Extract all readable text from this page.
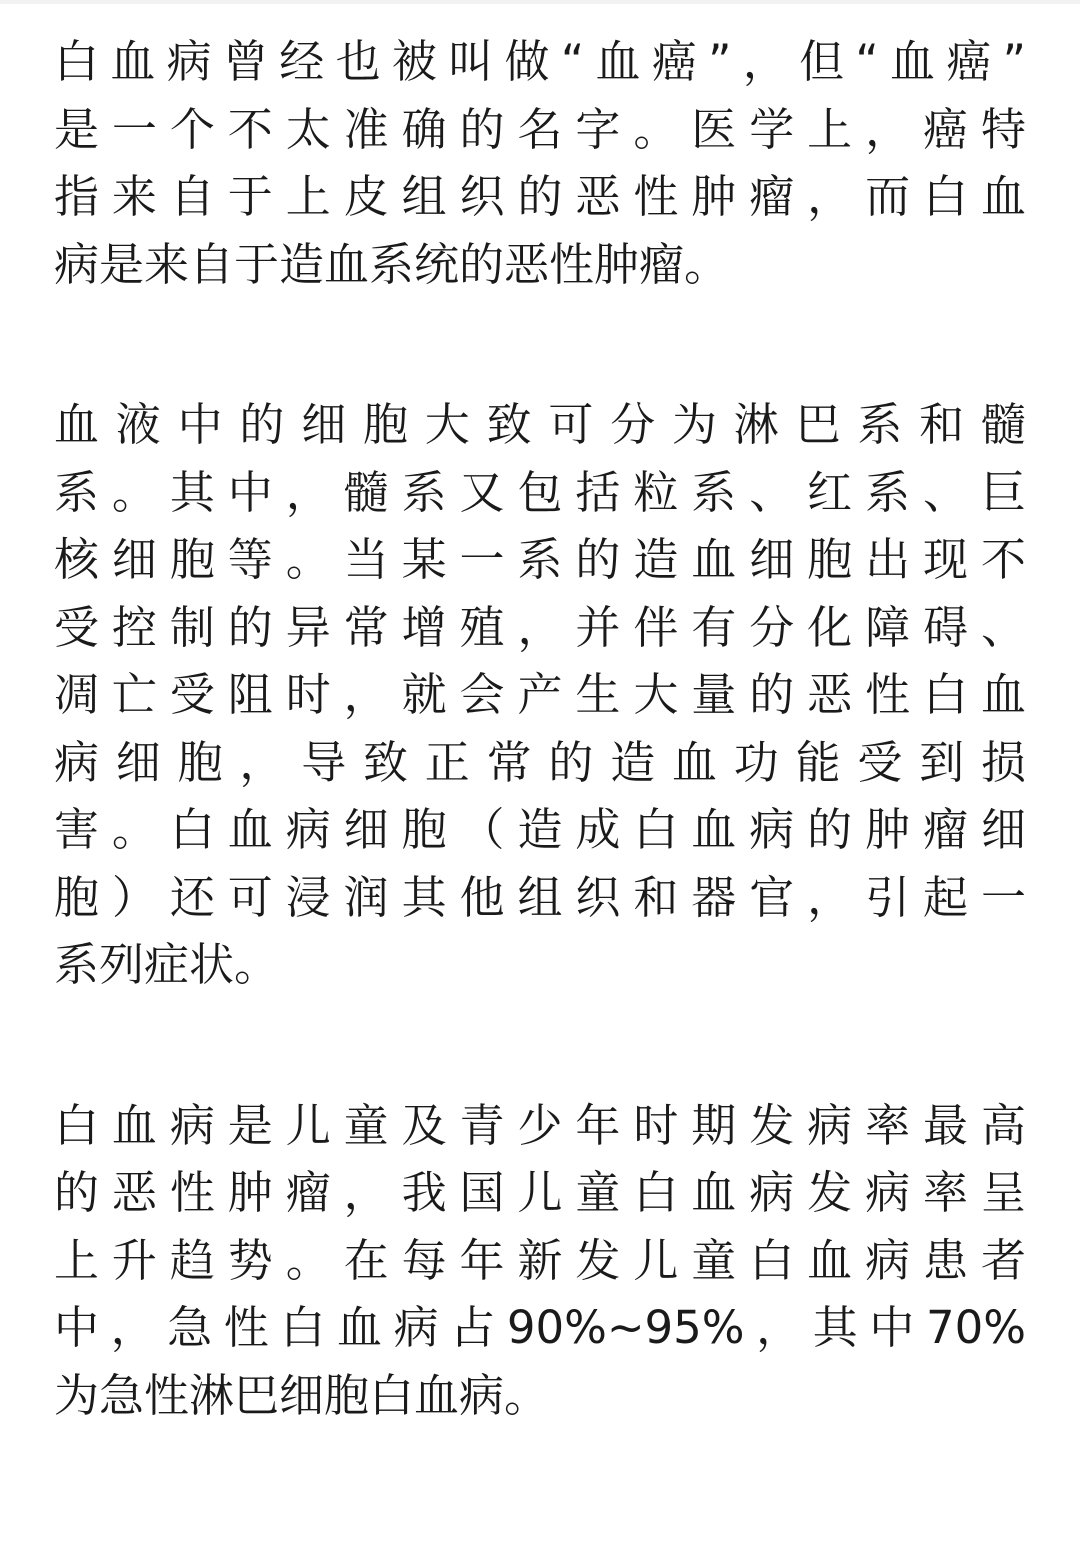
白血病曾经也被叫做“血癌”，但“血癌”
是一个不太准确的名字。医学上，癌特
指来自于上皮组织的恶性肿瘤，而白血
病是来自于造血系统的恶性肿瘤。
血液中的细胞大致可分为淋巴系和髓
系。其中，髓系又包括粒系、红系、巨
核细胞等。当某一系的造血细胞出现不
受控制的异常增殖，并伴有分化障碍、
凋亡受阻时，就会产生大量的恶性白血
病细胞，导致正常的造血功能受到损
害。白血病细胞（造成白血病的肿瘤细
胞）还可浸润其他组织和器官，引起一
系列症状。
白血病是儿童及青少年时期发病率最高
的恶性肿瘤，我国儿童白血病发病率呈
上升趋势。在每年新发儿童白血病患者
中，急性白血病占90%~95%，其中70%
为急性淋巴细胞白血病。
